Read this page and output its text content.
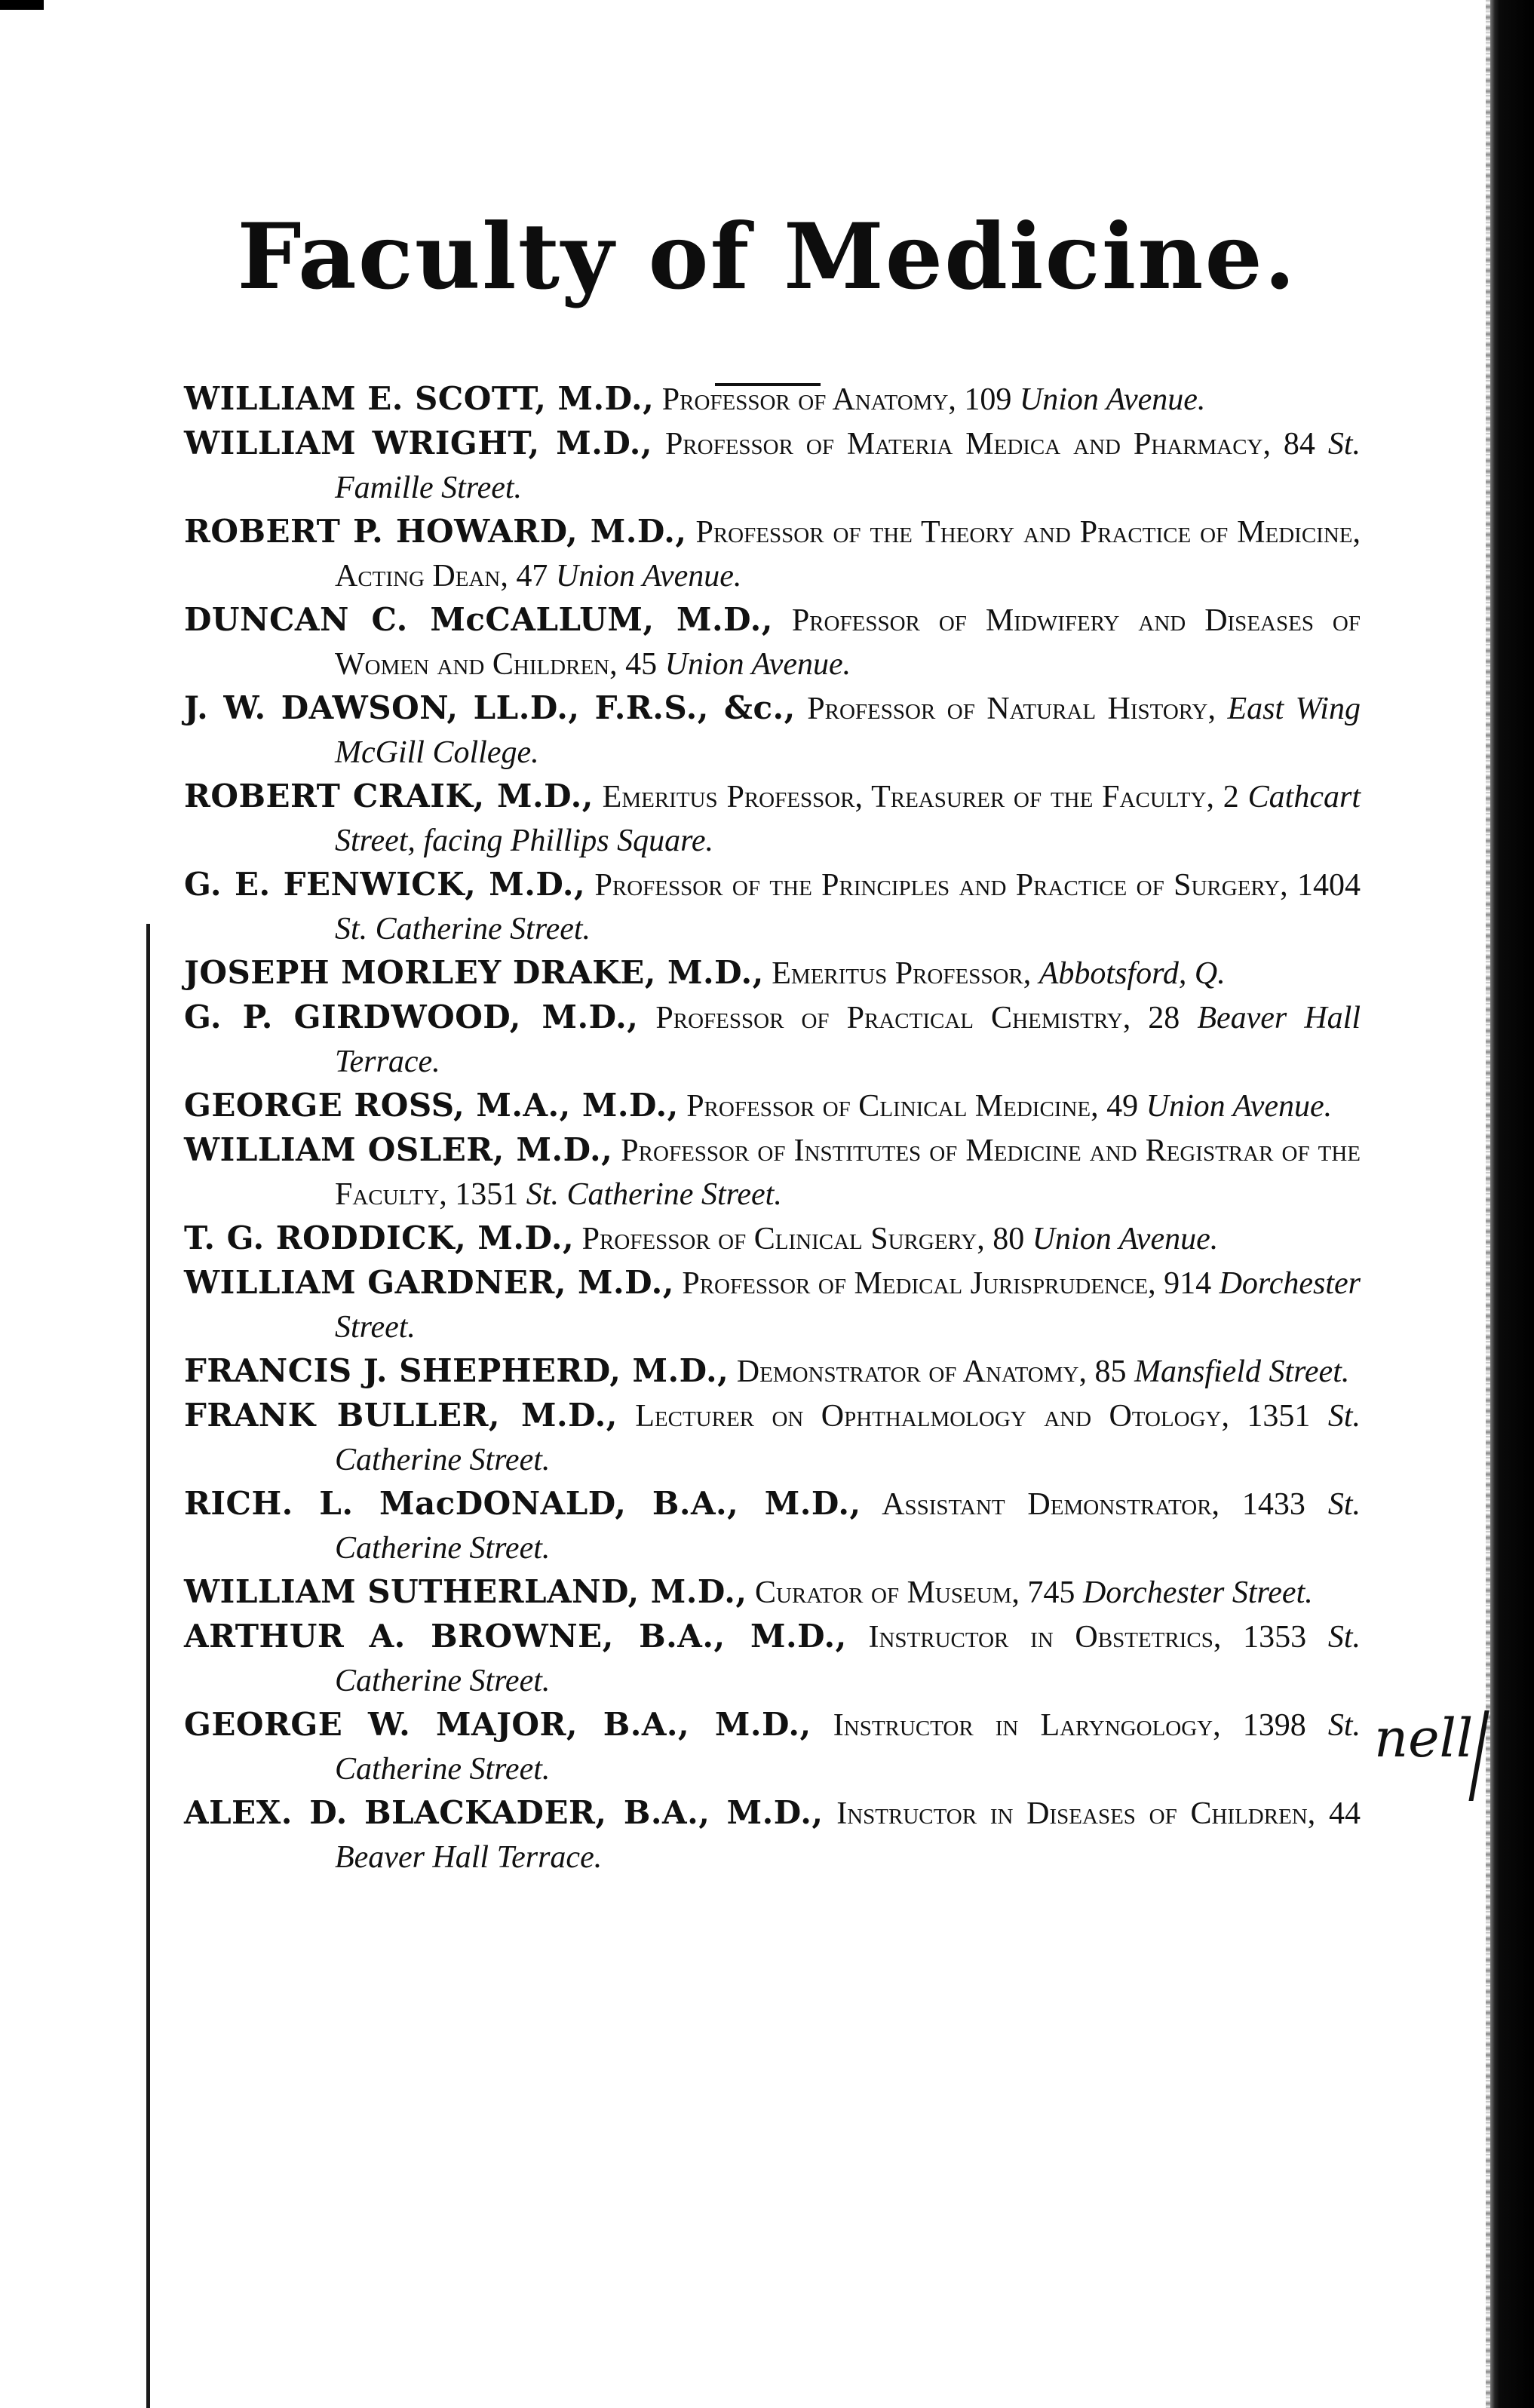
Faculty of Medicine.
WILLIAM E. SCOTT, M.D., Professor of Anatomy, 109 Union Avenue.
WILLIAM WRIGHT, M.D., Professor of Materia Medica and Pharmacy, 84 St. Famille Street.
ROBERT P. HOWARD, M.D., Professor of the Theory and Practice of Medicine, Acting Dean, 47 Union Avenue.
DUNCAN C. McCALLUM, M.D., Professor of Midwifery and Diseases of Women and Children, 45 Union Avenue.
J. W. DAWSON, LL.D., F.R.S., &c., Professor of Natural History, East Wing McGill College.
ROBERT CRAIK, M.D., Emeritus Professor, Treasurer of the Faculty, 2 Cathcart Street, facing Phillips Square.
G. E. FENWICK, M.D., Professor of the Principles and Practice of Surgery, 1404 St. Catherine Street.
JOSEPH MORLEY DRAKE, M.D., Emeritus Professor, Abbotsford, Q.
G. P. GIRDWOOD, M.D., Professor of Practical Chemistry, 28 Beaver Hall Terrace.
GEORGE ROSS, M.A., M.D., Professor of Clinical Medicine, 49 Union Avenue.
WILLIAM OSLER, M.D., Professor of Institutes of Medicine and Registrar of the Faculty, 1351 St. Catherine Street.
T. G. RODDICK, M.D., Professor of Clinical Surgery, 80 Union Avenue.
WILLIAM GARDNER, M.D., Professor of Medical Jurisprudence, 914 Dorchester Street.
FRANCIS J. SHEPHERD, M.D., Demonstrator of Anatomy, 85 Mansfield Street.
FRANK BULLER, M.D., Lecturer on Ophthalmology and Otology, 1351 St. Catherine Street.
RICH. L. MacDONALD, B.A., M.D., Assistant Demonstrator, 1433 St. Catherine Street.
WILLIAM SUTHERLAND, M.D., Curator of Museum, 745 Dorchester Street.
ARTHUR A. BROWNE, B.A., M.D., Instructor in Obstetrics, 1353 St. Catherine Street.
GEORGE W. MAJOR, B.A., M.D., Instructor in Laryngology, 1398 St. Catherine Street.
ALEX. D. BLACKADER, B.A., M.D., Instructor in Diseases of Children, 44 Beaver Hall Terrace.
nell
